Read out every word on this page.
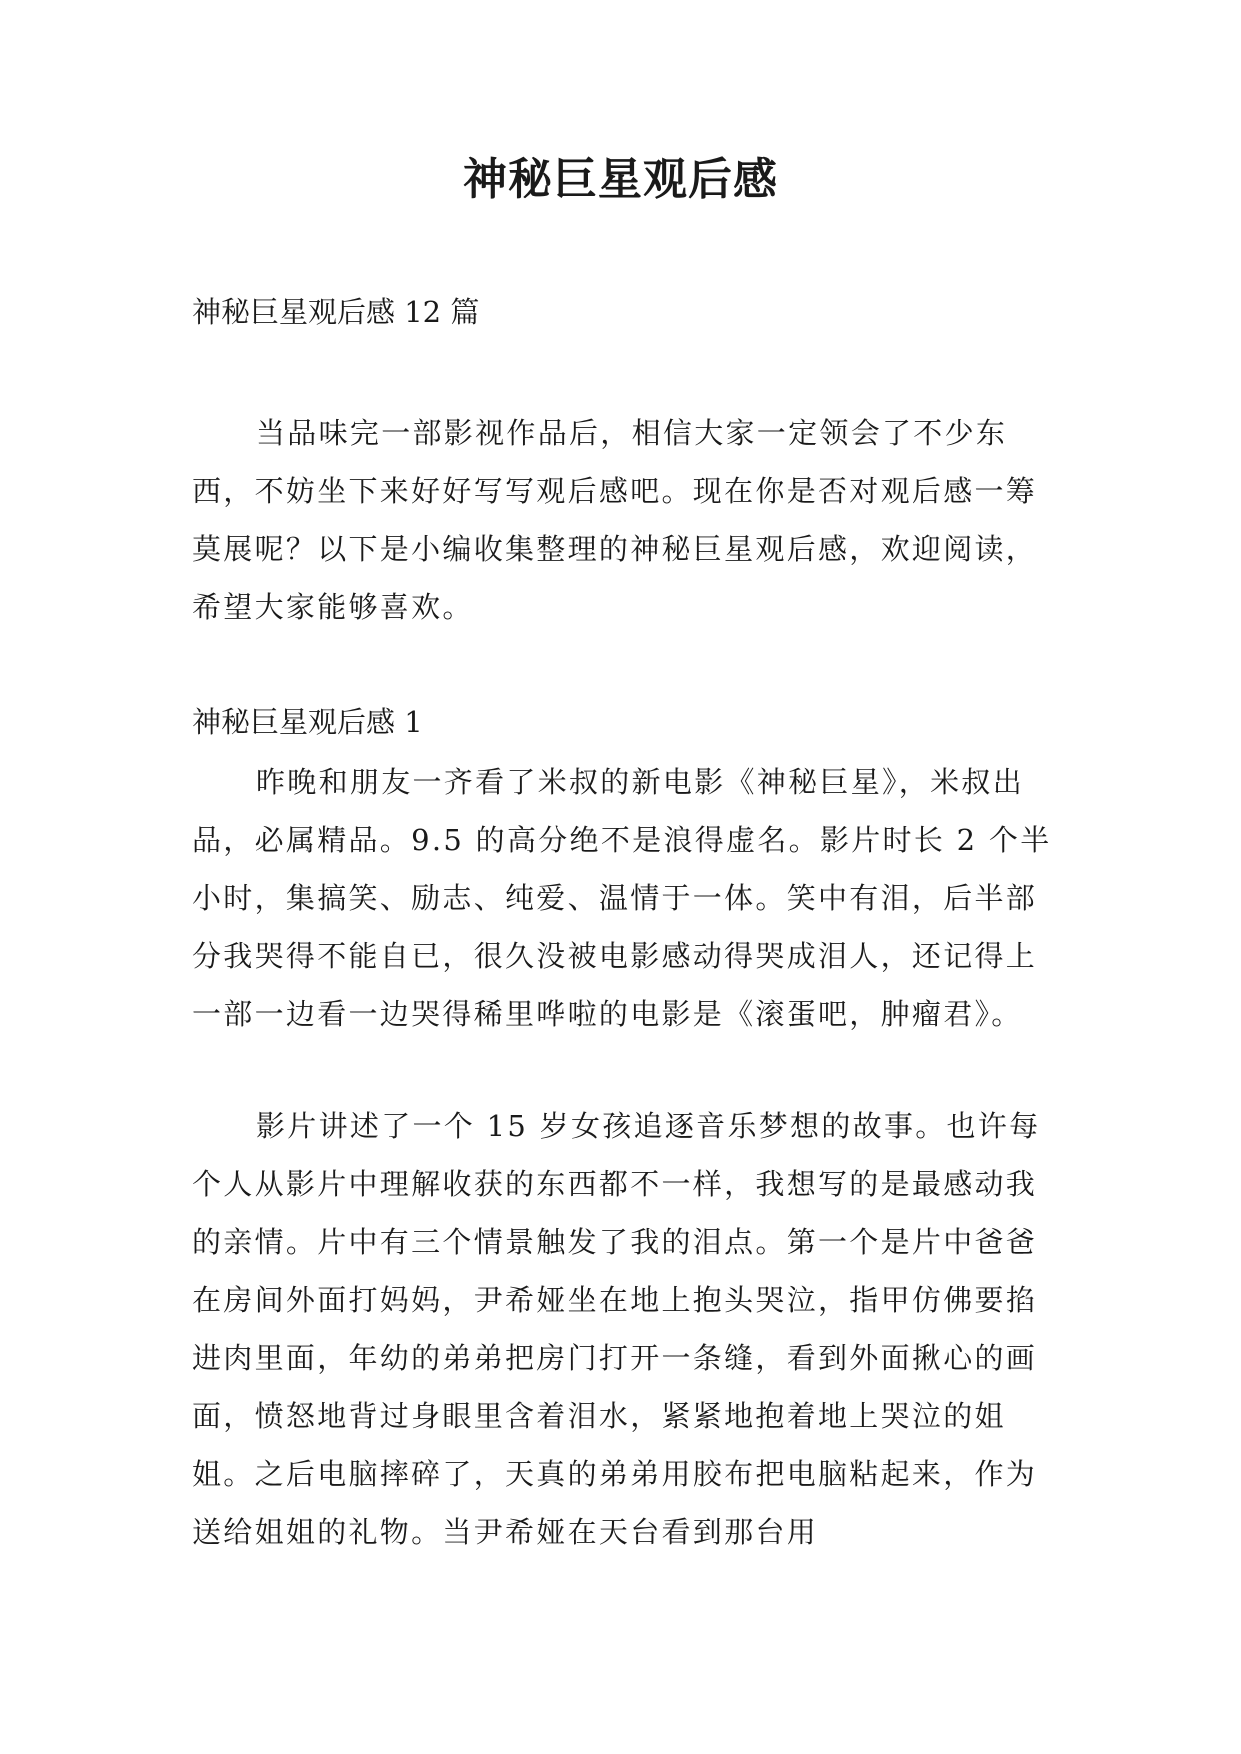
神秘巨星观后感

神秘巨星观后感 12 篇

当品味完一部影视作品后，相信大家一定领会了不少东西，不妨坐下来好好写写观后感吧。现在你是否对观后感一筹莫展呢？以下是小编收集整理的神秘巨星观后感，欢迎阅读，希望大家能够喜欢。

神秘巨星观后感 1

昨晚和朋友一齐看了米叔的新电影《神秘巨星》，米叔出品，必属精品。9.5 的高分绝不是浪得虚名。影片时长 2 个半小时，集搞笑、励志、纯爱、温情于一体。笑中有泪，后半部分我哭得不能自已，很久没被电影感动得哭成泪人，还记得上一部一边看一边哭得稀里哗啦的电影是《滚蛋吧，肿瘤君》。

影片讲述了一个 15 岁女孩追逐音乐梦想的故事。也许每个人从影片中理解收获的东西都不一样，我想写的是最感动我的亲情。片中有三个情景触发了我的泪点。第一个是片中爸爸在房间外面打妈妈，尹希娅坐在地上抱头哭泣，指甲仿佛要掐进肉里面，年幼的弟弟把房门打开一条缝，看到外面揪心的画面，愤怒地背过身眼里含着泪水，紧紧地抱着地上哭泣的姐姐。之后电脑摔碎了，天真的弟弟用胶布把电脑粘起来，作为送给姐姐的礼物。当尹希娅在天台看到那台用
